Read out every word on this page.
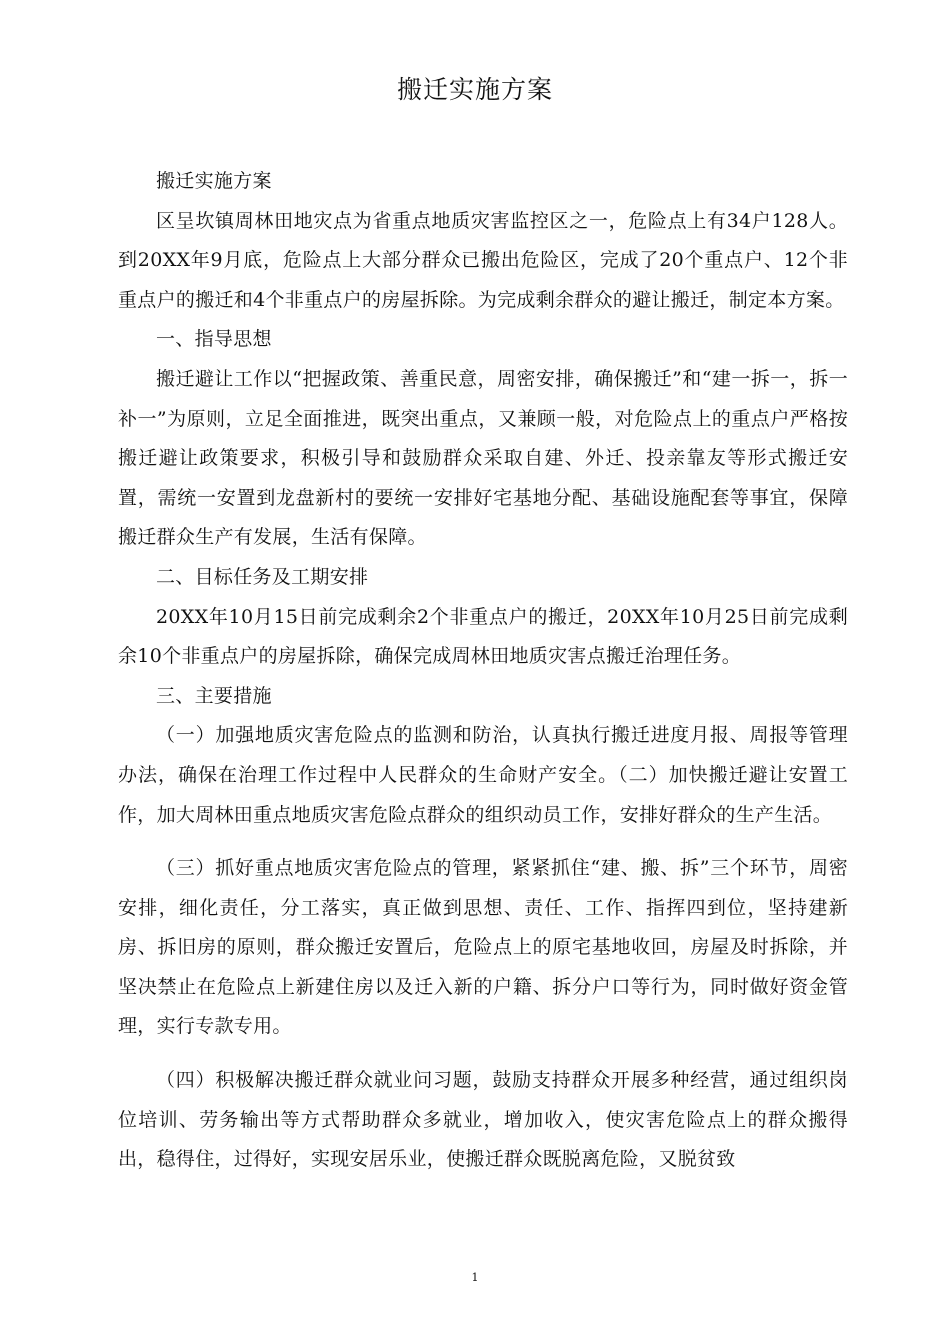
搬迁实施方案

搬迁实施方案

区呈坎镇周林田地灾点为省重点地质灾害监控区之一，危险点上有34户128人。到20XX年9月底，危险点上大部分群众已搬出危险区，完成了20个重点户、12个非重点户的搬迁和4个非重点户的房屋拆除。为完成剩余群众的避让搬迁，制定本方案。

一、指导思想

搬迁避让工作以“把握政策、善重民意，周密安排，确保搬迁”和“建一拆一，拆一补一”为原则，立足全面推进，既突出重点，又兼顾一般，对危险点上的重点户严格按搬迁避让政策要求，积极引导和鼓励群众采取自建、外迁、投亲靠友等形式搬迁安置，需统一安置到龙盘新村的要统一安排好宅基地分配、基础设施配套等事宜，保障搬迁群众生产有发展，生活有保障。

二、目标任务及工期安排

20XX年10月15日前完成剩余2个非重点户的搬迁，20XX年10月25日前完成剩余10个非重点户的房屋拆除，确保完成周林田地质灾害点搬迁治理任务。

三、主要措施

（一）加强地质灾害危险点的监测和防治，认真执行搬迁进度月报、周报等管理办法，确保在治理工作过程中人民群众的生命财产安全。（二）加快搬迁避让安置工作，加大周林田重点地质灾害危险点群众的组织动员工作，安排好群众的生产生活。

（三）抓好重点地质灾害危险点的管理，紧紧抓住“建、搬、拆”三个环节，周密安排，细化责任，分工落实，真正做到思想、责任、工作、指挥四到位，坚持建新房、拆旧房的原则，群众搬迁安置后，危险点上的原宅基地收回，房屋及时拆除，并坚决禁止在危险点上新建住房以及迁入新的户籍、拆分户口等行为，同时做好资金管理，实行专款专用。

（四）积极解决搬迁群众就业问习题，鼓励支持群众开展多种经营，通过组织岗位培训、劳务输出等方式帮助群众多就业，增加收入，使灾害危险点上的群众搬得出，稳得住，过得好，实现安居乐业，使搬迁群众既脱离危险，又脱贫致

1
